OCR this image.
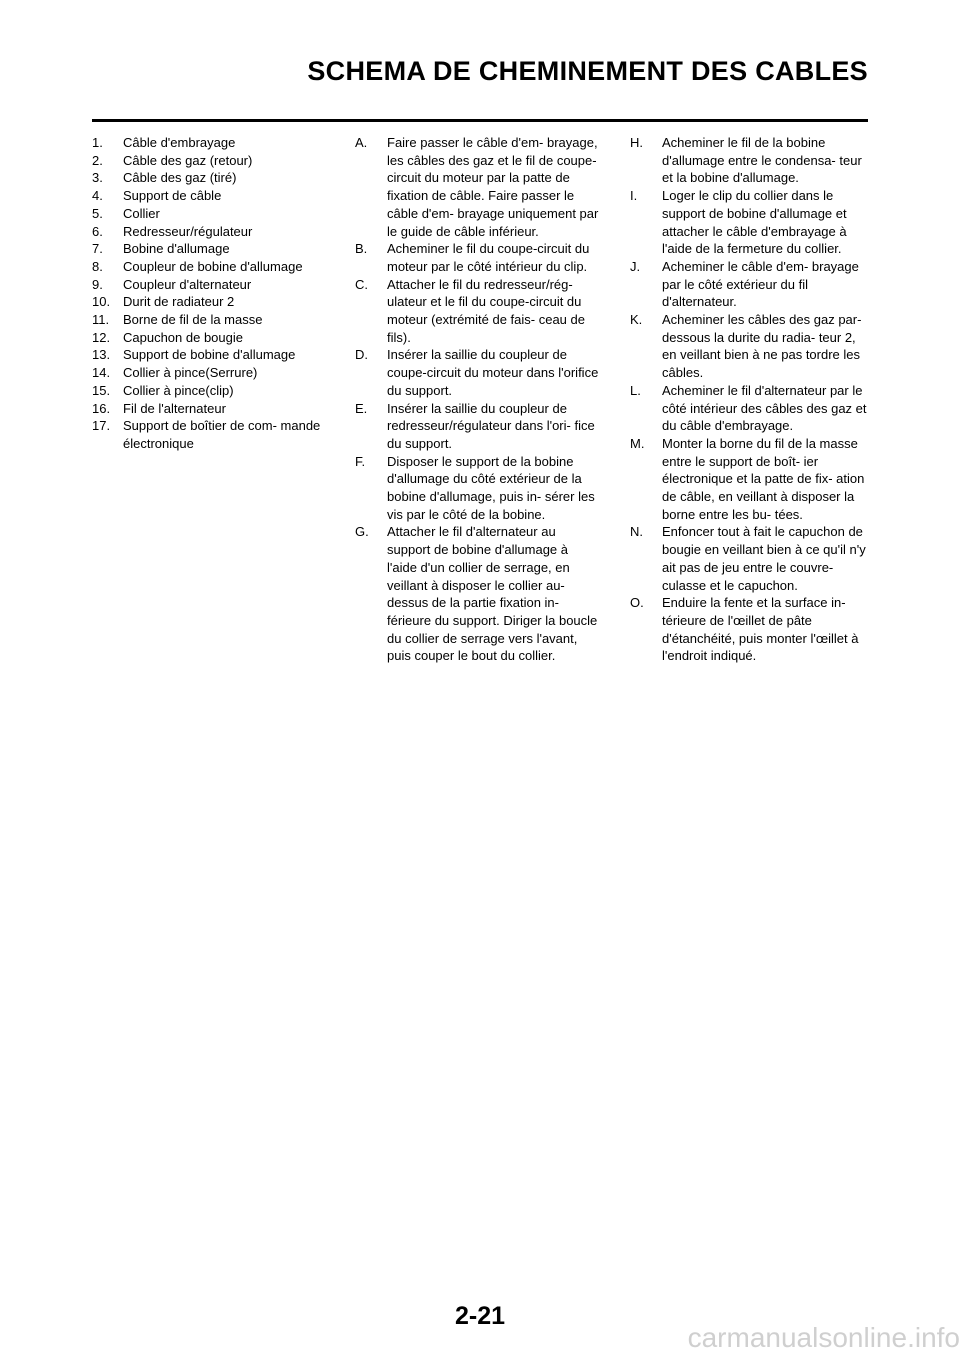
SCHEMA DE CHEMINEMENT DES CABLES
1.	Câble d'embrayage
2.	Câble des gaz (retour)
3.	Câble des gaz (tiré)
4.	Support de câble
5.	Collier
6.	Redresseur/régulateur
7.	Bobine d'allumage
8.	Coupleur de bobine d'allumage
9.	Coupleur d'alternateur
10. Durit de radiateur 2
11.	Borne de fil de la masse
12. Capuchon de bougie
13. Support de bobine d'allumage
14. Collier à pince(Serrure)
15. Collier à pince(clip)
16. Fil de l'alternateur
17. Support de boîtier de com- mande électronique
A.	Faire passer le câble d'em- brayage, les câbles des gaz et le fil de coupe-circuit du moteur par la patte de fixation de câble. Faire passer le câble d'em- brayage uniquement par le guide de câble inférieur.
B.	Acheminer le fil du coupe-circuit du moteur par le côté intérieur du clip.
C.	Attacher le fil du redresseur/rég- ulateur et le fil du coupe-circuit du moteur (extrémité de fais- ceau de fils).
D.	Insérer la saillie du coupleur de coupe-circuit du moteur dans l'orifice du support.
E.	Insérer la saillie du coupleur de redresseur/régulateur dans l'ori- fice du support.
F.	Disposer le support de la bobine d'allumage du côté extérieur de la bobine d'allumage, puis in- sérer les vis par le côté de la bobine.
G.	Attacher le fil d'alternateur au support de bobine d'allumage à l'aide d'un collier de serrage, en veillant à disposer le collier au- dessus de la partie fixation in- férieure du support. Diriger la boucle du collier de serrage vers l'avant, puis couper le bout du collier.
H.	Acheminer le fil de la bobine d'allumage entre le condensa- teur et la bobine d'allumage.
I.	Loger le clip du collier dans le support de bobine d'allumage et attacher le câble d'embrayage à l'aide de la fermeture du collier.
J.	Acheminer le câble d'em- brayage par le côté extérieur du fil d'alternateur.
K.	Acheminer les câbles des gaz par-dessous la durite du radia- teur 2, en veillant bien à ne pas tordre les câbles.
L.	Acheminer le fil d'alternateur par le côté intérieur des câbles des gaz et du câble d'embrayage.
M.	Monter la borne du fil de la masse entre le support de boît- ier électronique et la patte de fix- ation de câble, en veillant à disposer la borne entre les bu- tées.
N.	Enfoncer tout à fait le capuchon de bougie en veillant bien à ce qu'il n'y ait pas de jeu entre le couvre-culasse et le capuchon.
O.	Enduire la fente et la surface in- térieure de l'œillet de pâte d'étanchéité, puis monter l'œillet à l'endroit indiqué.
2-21
carmanualsonline.info
